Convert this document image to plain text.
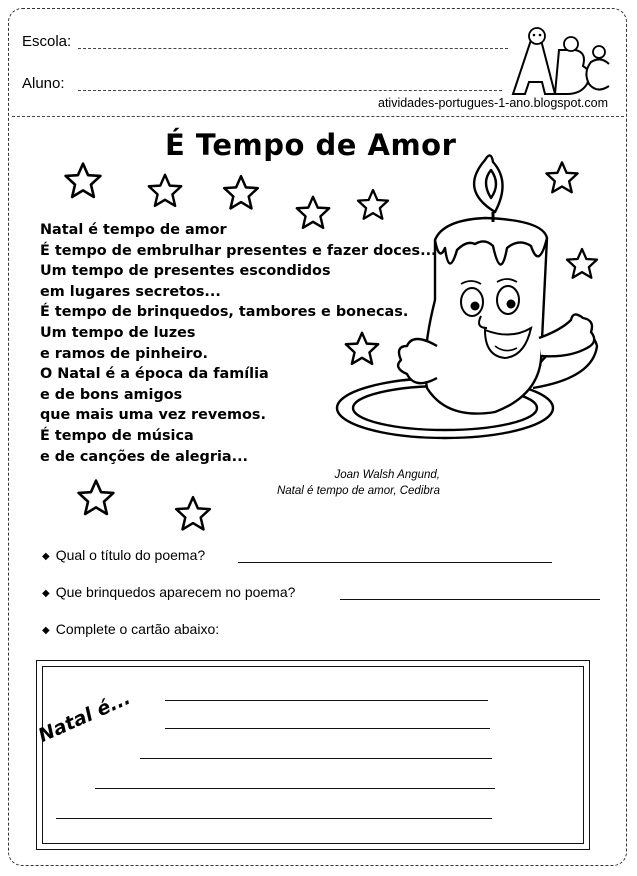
Escola:
Aluno:
atividades-portugues-1-ano.blogspot.com
É Tempo de Amor
Natal é tempo de amor
É tempo de embrulhar presentes e fazer doces...
Um tempo de presentes escondidos
em lugares secretos...
É tempo de brinquedos, tambores e bonecas.
Um tempo de luzes
e ramos de pinheiro.
O Natal é a época da família
e de bons amigos
que mais uma vez revemos.
É tempo de música
e de canções de alegria...
Joan Walsh Angund,
Natal é tempo de amor, Cedibra
◆ Qual o título do poema?
◆ Que brinquedos aparecem no poema?
◆ Complete o cartão abaixo:
Natal é...
